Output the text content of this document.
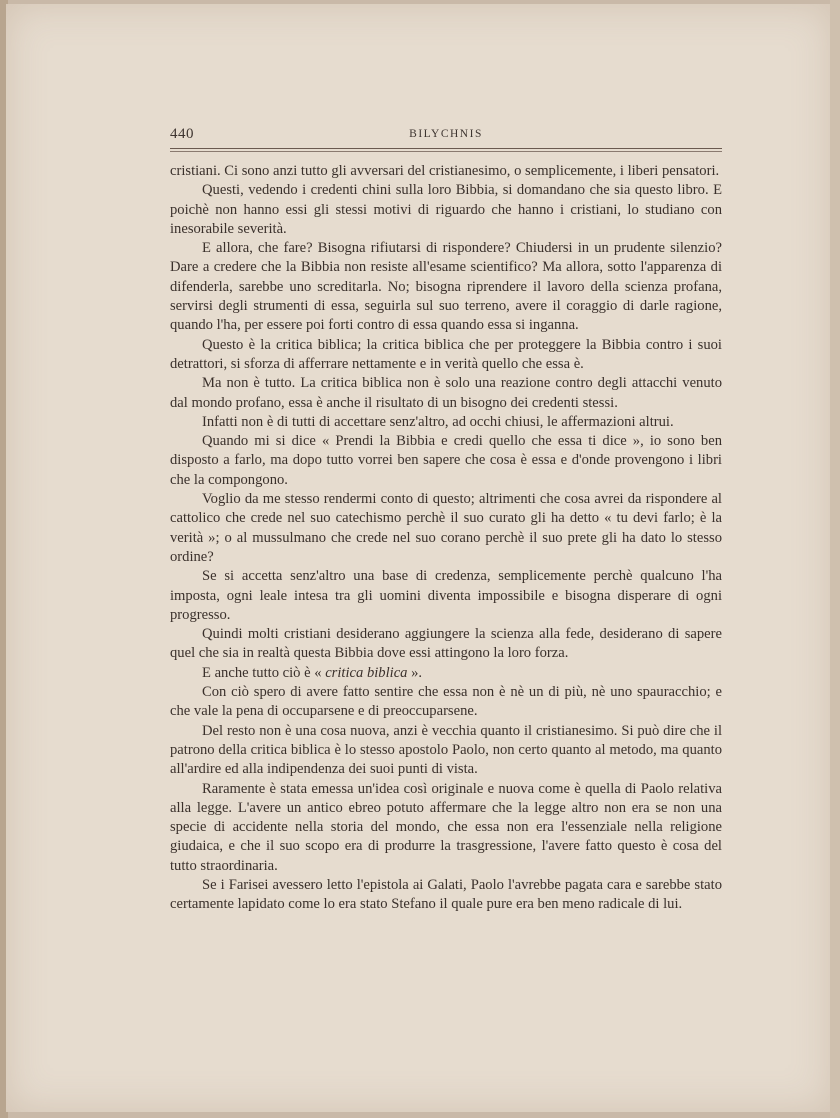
440	BILYCHNIS

cristiani. Ci sono anzi tutto gli avversari del cristianesimo, o semplicemente, i liberi pensatori.

Questi, vedendo i credenti chini sulla loro Bibbia, si domandano che sia questo libro. E poichè non hanno essi gli stessi motivi di riguardo che hanno i cristiani, lo studiano con inesorabile severità.

E allora, che fare? Bisogna rifiutarsi di rispondere? Chiudersi in un prudente silenzio? Dare a credere che la Bibbia non resiste all'esame scientifico? Ma allora, sotto l'apparenza di difenderla, sarebbe uno screditarla. No; bisogna riprendere il lavoro della scienza profana, servirsi degli strumenti di essa, seguirla sul suo terreno, avere il coraggio di darle ragione, quando l'ha, per essere poi forti contro di essa quando essa si inganna.

Questo è la critica biblica; la critica biblica che per proteggere la Bibbia contro i suoi detrattori, si sforza di afferrare nettamente e in verità quello che essa è.

Ma non è tutto. La critica biblica non è solo una reazione contro degli attacchi venuto dal mondo profano, essa è anche il risultato di un bisogno dei credenti stessi.

Infatti non è di tutti di accettare senz'altro, ad occhi chiusi, le affermazioni altrui.

Quando mi si dice « Prendi la Bibbia e credi quello che essa ti dice », io sono ben disposto a farlo, ma dopo tutto vorrei ben sapere che cosa è essa e d'onde provengono i libri che la compongono.

Voglio da me stesso rendermi conto di questo; altrimenti che cosa avrei da rispondere al cattolico che crede nel suo catechismo perchè il suo curato gli ha detto « tu devi farlo; è la verità »; o al mussulmano che crede nel suo corano perchè il suo prete gli ha dato lo stesso ordine?

Se si accetta senz'altro una base di credenza, semplicemente perchè qualcuno l'ha imposta, ogni leale intesa tra gli uomini diventa impossibile e bisogna disperare di ogni progresso.

Quindi molti cristiani desiderano aggiungere la scienza alla fede, desiderano di sapere quel che sia in realtà questa Bibbia dove essi attingono la loro forza.

E anche tutto ciò è « critica biblica ».

Con ciò spero di avere fatto sentire che essa non è nè un di più, nè uno spauracchio; e che vale la pena di occuparsene e di preoccuparsene.

Del resto non è una cosa nuova, anzi è vecchia quanto il cristianesimo. Si può dire che il patrono della critica biblica è lo stesso apostolo Paolo, non certo quanto al metodo, ma quanto all'ardire ed alla indipendenza dei suoi punti di vista.

Raramente è stata emessa un'idea così originale e nuova come è quella di Paolo relativa alla legge. L'avere un antico ebreo potuto affermare che la legge altro non era se non una specie di accidente nella storia del mondo, che essa non era l'essenziale nella religione giudaica, e che il suo scopo era di produrre la trasgressione, l'avere fatto questo è cosa del tutto straordinaria.

Se i Farisei avessero letto l'epistola ai Galati, Paolo l'avrebbe pagata cara e sarebbe stato certamente lapidato come lo era stato Stefano il quale pure era ben meno radicale di lui.
